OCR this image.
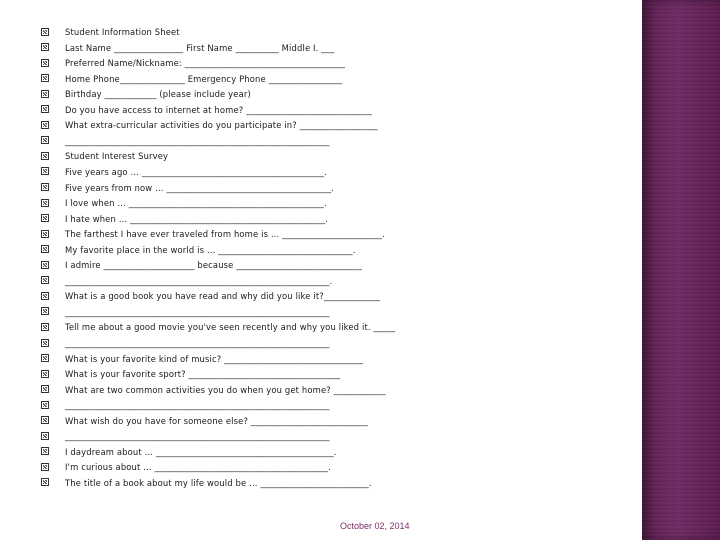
Student Information Sheet
Last Name ________________ First Name __________ Middle I. ___
Preferred Name/Nickname: _____________________________________
Home Phone_______________ Emergency Phone _________________
Birthday ____________ (please include year)
Do you have access to internet at home? _____________________________
What extra-curricular activities do you participate in? __________________
_____________________________________________________________
Student Interest Survey
Five years ago … __________________________________________.
Five years from now … ______________________________________.
I love when … _____________________________________________.
I hate when … _____________________________________________.
The farthest I have ever traveled from home is … _______________________.
My favorite place in the world is … _______________________________.
I admire _____________________ because _____________________________
_____________________________________________________________.
What is a good book you have read and why did you like it?_____________
_____________________________________________________________
Tell me about a good movie you've seen recently and why you liked it. _____
_____________________________________________________________
What is your favorite kind of music? ________________________________
What is your favorite sport? ___________________________________
What are two common activities you do when you get home? ____________
_____________________________________________________________
What wish do you have for someone else? ___________________________
_____________________________________________________________
I daydream about … _________________________________________.
I'm curious about … ________________________________________.
The title of a book about my life would be … _________________________.
October 02, 2014
